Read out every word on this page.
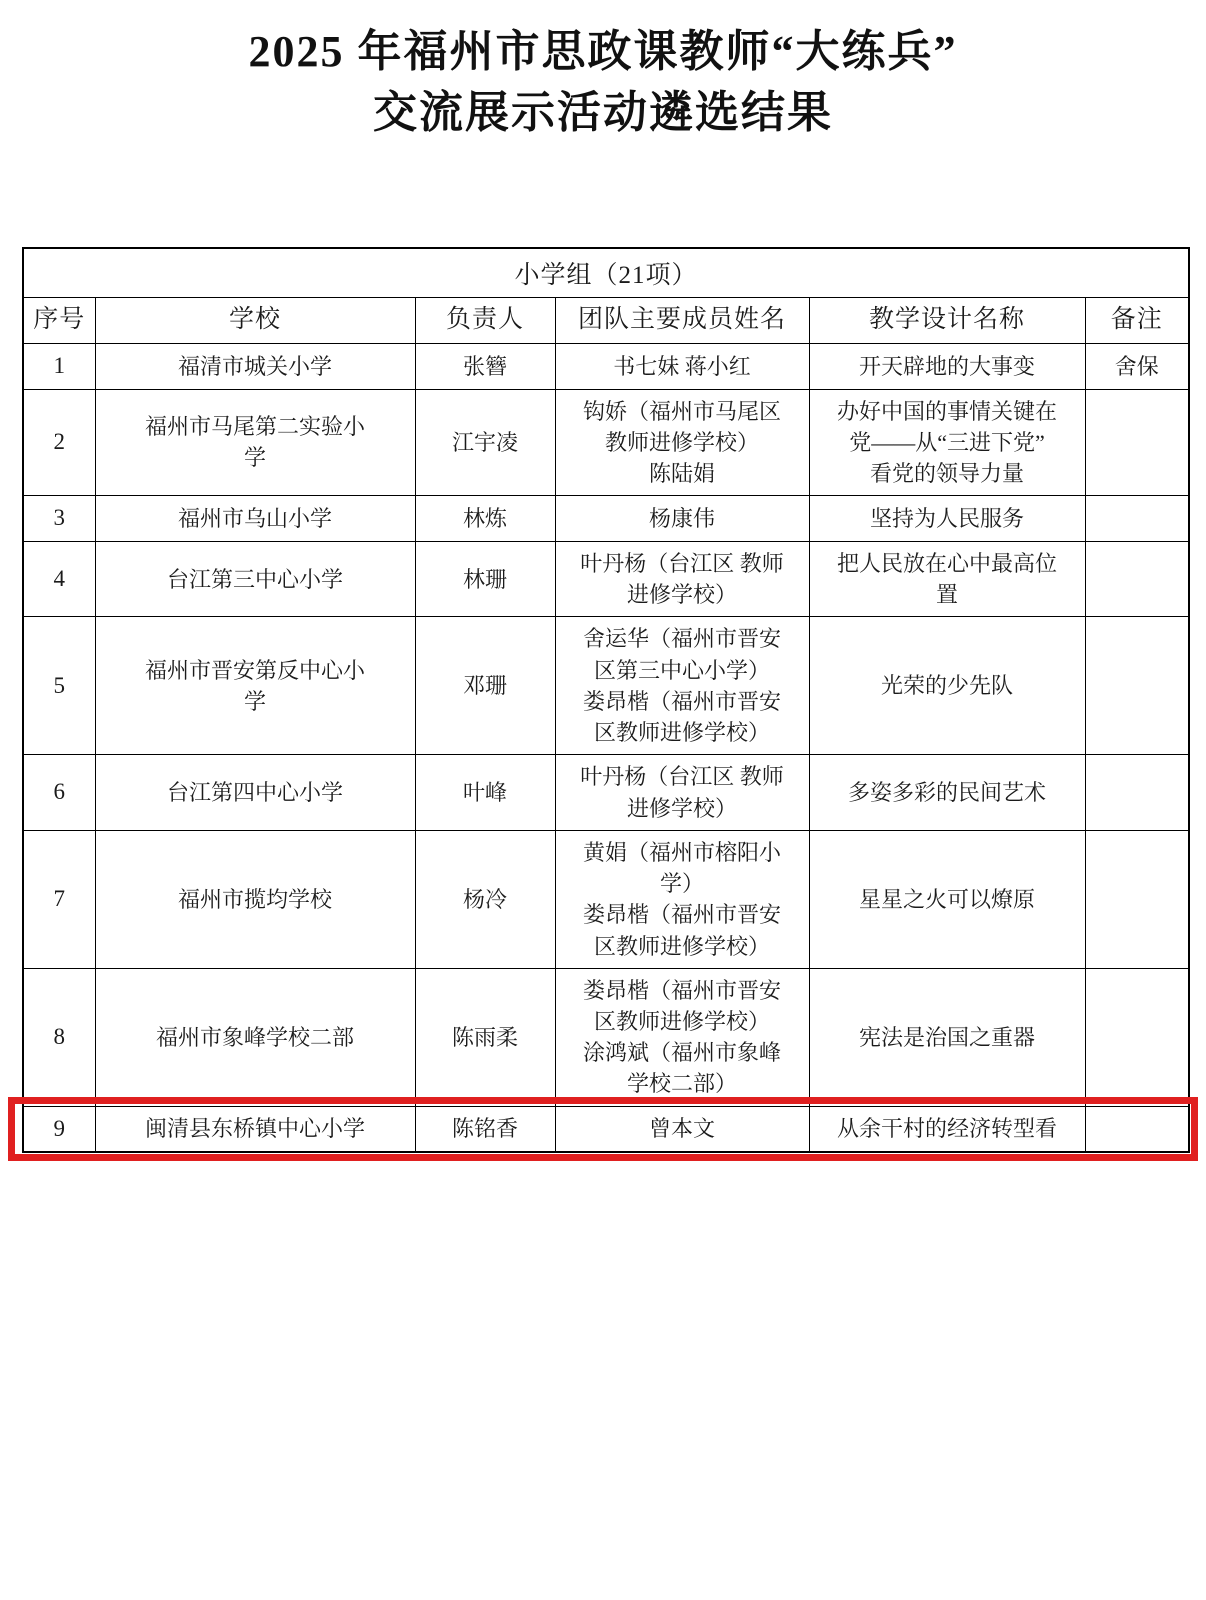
2025 年福州市思政课教师“大练兵”
交流展示活动遴选结果
小学组（21项）					
序号	学校	负责人	团队主要成员姓名	教学设计名称	备注

1	福清市城关小学	张簪	书七妹 蒋小红	开天辟地的大事变	舍保

2	福州市马尾第二实验小
学	江宇凌	钩娇（福州市马尾区
教师进修学校）
陈陆娟	办好中国的事情关键在
党——从“三进下党”
看党的领导力量	

3	福州市乌山小学	林炼	杨康伟	坚持为人民服务	

4	台江第三中心小学	林珊	叶丹杨（台江区 教师
进修学校）	把人民放在心中最高位
置	

5	福州市晋安第反中心小
学	邓珊	舍运华（福州市晋安
区第三中心小学）
娄昂楷（福州市晋安
区教师进修学校）	光荣的少先队	

6	台江第四中心小学	叶峰	叶丹杨（台江区 教师
进修学校）	多姿多彩的民间艺术	

7	福州市揽均学校	杨冷	黄娟（福州市榕阳小
学）
娄昂楷（福州市晋安
区教师进修学校）	星星之火可以燎原	

8	福州市象峰学校二部	陈雨柔	娄昂楷（福州市晋安
区教师进修学校）
涂鸿斌（福州市象峰
学校二部）	宪法是治国之重器	

9	闽清县东桥镇中心小学	陈铭香	曾本文	从余干村的经济转型看	
